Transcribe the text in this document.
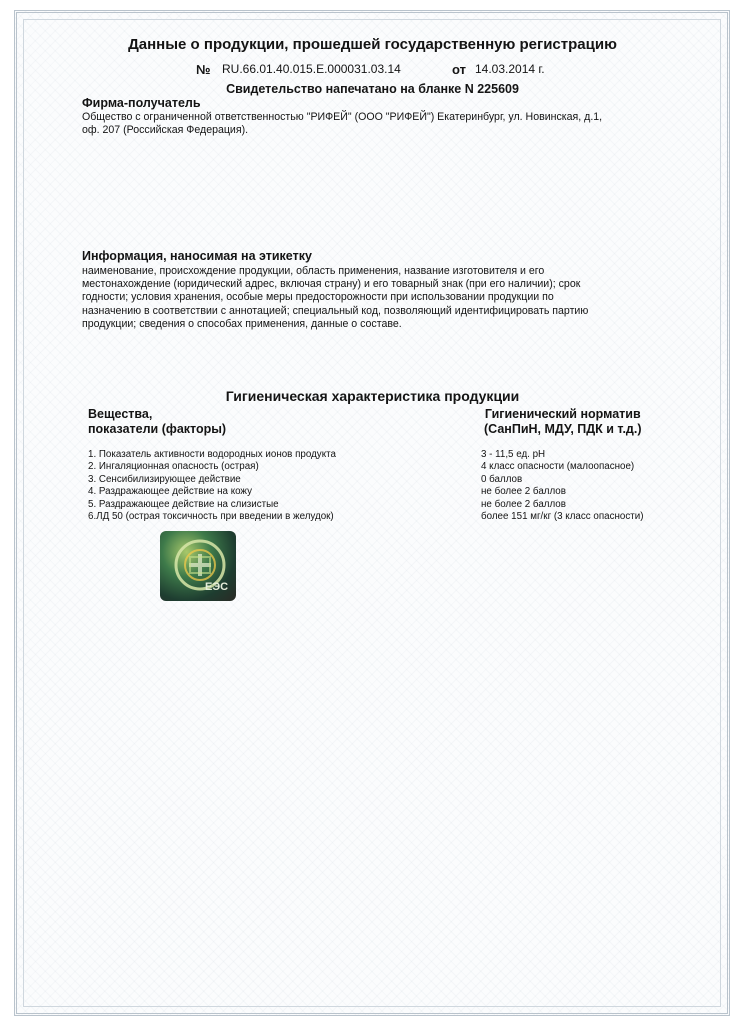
Данные о продукции, прошедшей государственную регистрацию
№ RU.66.01.40.015.E.000031.03.14	от 14.03.2014 г.
Свидетельство напечатано на бланке N 225609
Фирма-получатель
Общество с ограниченной ответственностью "РИФЕЙ" (ООО "РИФЕЙ") Екатеринбург, ул. Новинская, д.1,
оф. 207 (Российская Федерация).
Информация, наносимая на этикетку
наименование, происхождение продукции, область применения, название изготовителя и его
местонахождение (юридический адрес, включая страну) и его товарный знак (при его наличии); срок
годности; условия хранения, особые меры предосторожности при использовании продукции по
назначению в соответствии с аннотацией; специальный код, позволяющий идентифицировать партию
продукции; сведения о способах применения, данные о составе.
Гигиеническая характеристика продукции
Вещества,
показатели (факторы)
Гигиенический норматив
(СанПиН, МДУ, ПДК и т.д.)
1. Показатель активности водородных ионов продукта
2. Ингаляционная опасность (острая)
3. Сенсибилизирующее действие
4. Раздражающее действие на кожу
5. Раздражающее действие на слизистые
6.ЛД 50 (острая токсичность при введении в желудок)
3 - 11,5 ед. pH
4 класс опасности (малоопасное)
0 баллов
не более 2 баллов
не более 2 баллов
более 151 мг/кг (3 класс опасности)
ЕЭС
